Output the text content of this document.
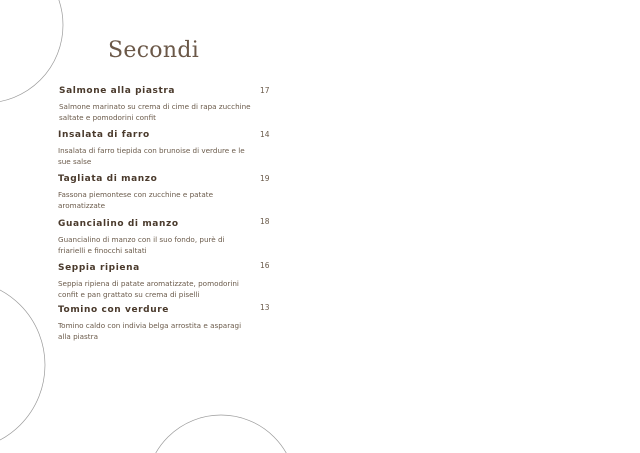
Secondi
Salmone alla piastra	17
Salmone marinato su crema di cime di rapa zucchine saltate e pomodorini confit
Insalata di farro	14
Insalata di farro tiepida con brunoise di verdure e le sue salse
Tagliata di manzo	19
Fassona piemontese con zucchine e patate aromatizzate
Guancialino di manzo	18
Guancialino di manzo con il suo fondo, purè di friarielli e finocchi saltati
Seppia ripiena	16
Seppia ripiena di patate aromatizzate, pomodorini confit e pan grattato su crema di piselli
Tomino con verdure	13
Tomino caldo con indivia belga arrostita e asparagi alla piastra
